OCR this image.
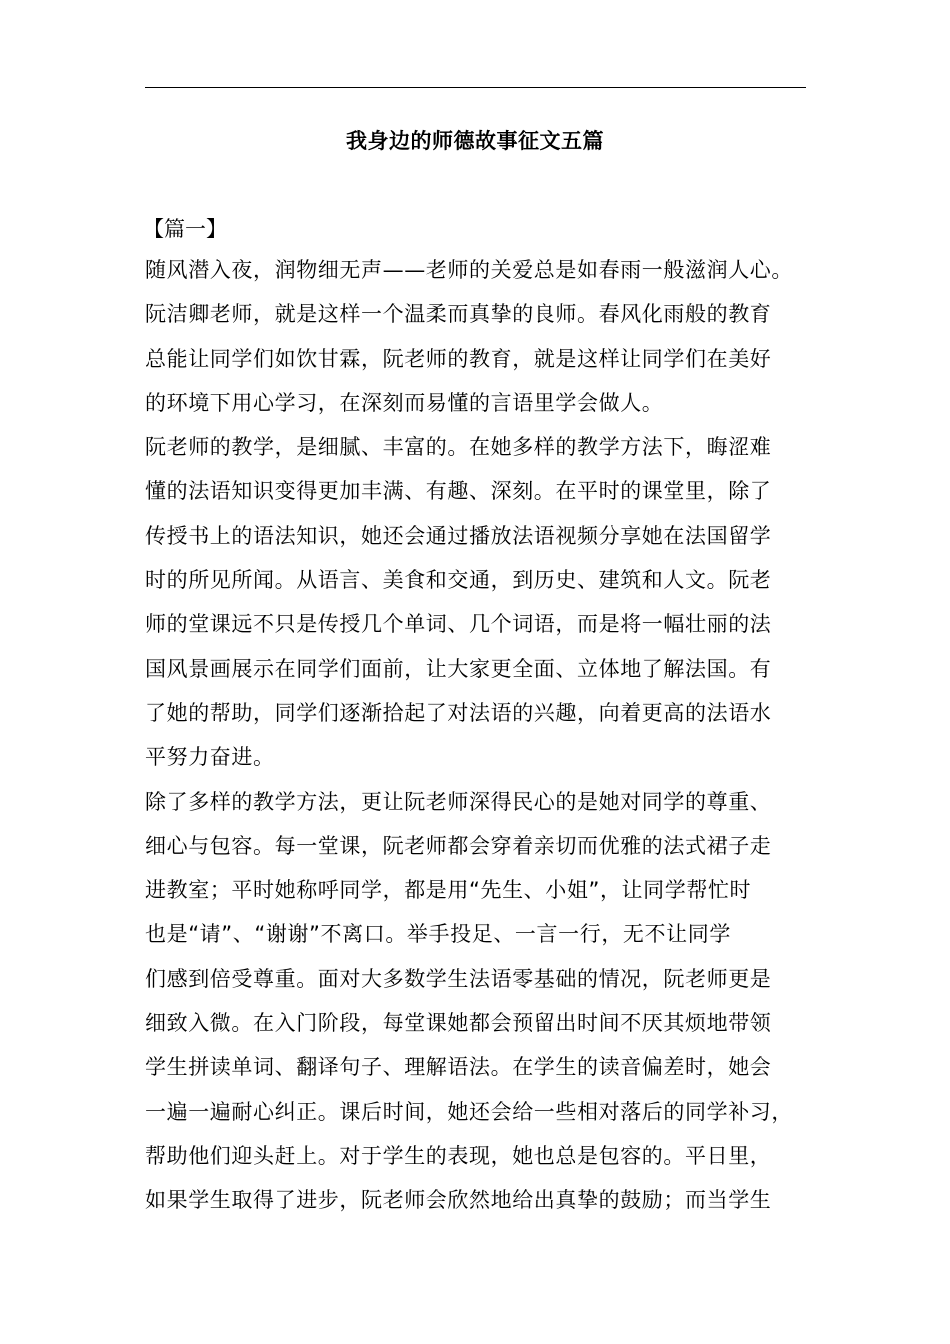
我身边的师德故事征文五篇
【篇一】
随风潜入夜，润物细无声——老师的关爱总是如春雨一般滋润人心。
阮洁卿老师，就是这样一个温柔而真挚的良师。春风化雨般的教育
总能让同学们如饮甘霖，阮老师的教育，就是这样让同学们在美好
的环境下用心学习，在深刻而易懂的言语里学会做人。
阮老师的教学，是细腻、丰富的。在她多样的教学方法下，晦涩难
懂的法语知识变得更加丰满、有趣、深刻。在平时的课堂里，除了
传授书上的语法知识，她还会通过播放法语视频分享她在法国留学
时的所见所闻。从语言、美食和交通，到历史、建筑和人文。阮老
师的堂课远不只是传授几个单词、几个词语，而是将一幅壮丽的法
国风景画展示在同学们面前，让大家更全面、立体地了解法国。有
了她的帮助，同学们逐渐拾起了对法语的兴趣，向着更高的法语水
平努力奋进。
除了多样的教学方法，更让阮老师深得民心的是她对同学的尊重、
细心与包容。每一堂课，阮老师都会穿着亲切而优雅的法式裙子走
进教室；平时她称呼同学，都是用“先生、小姐”，让同学帮忙时
也是“请”、“谢谢”不离口。举手投足、一言一行，无不让同学
们感到倍受尊重。面对大多数学生法语零基础的情况，阮老师更是
细致入微。在入门阶段，每堂课她都会预留出时间不厌其烦地带领
学生拼读单词、翻译句子、理解语法。在学生的读音偏差时，她会
一遍一遍耐心纠正。课后时间，她还会给一些相对落后的同学补习，
帮助他们迎头赶上。对于学生的表现，她也总是包容的。平日里，
如果学生取得了进步，阮老师会欣然地给出真挚的鼓励；而当学生
